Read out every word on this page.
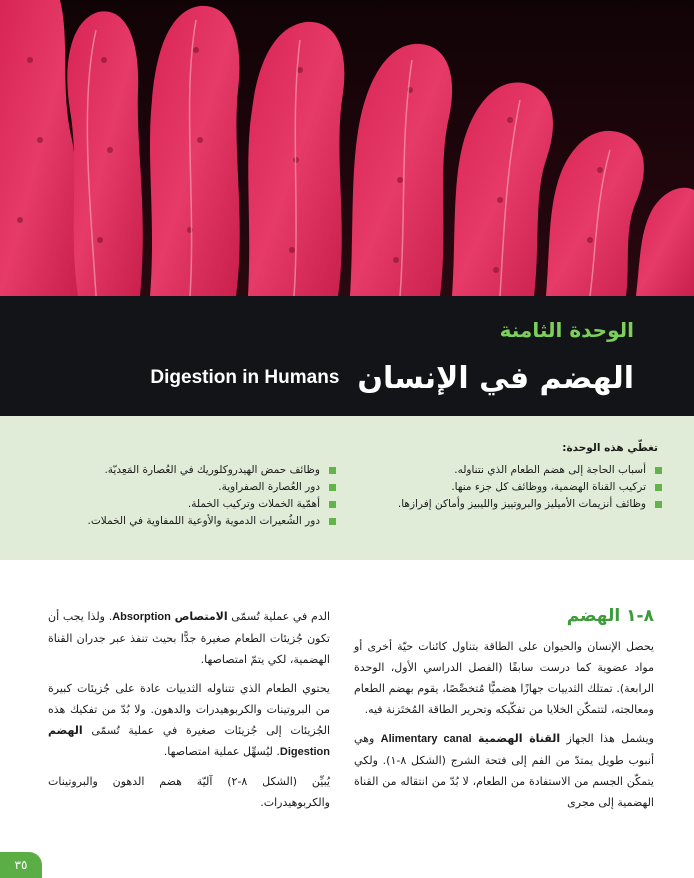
الوحدة الثامنة
الهضم في الإنسان
Digestion in Humans
تغطّي هذه الوحدة:
أسباب الحاجة إلى هضم الطعام الذي نتناوله.
تركيب القناة الهضمية، ووظائف كل جزء منها.
وظائف أنزيمات الأميليز والبروتييز والليبيز وأماكن إفرازها.
وظائف حمض الهيدروكلوريك في العُصارة المَعِديّة.
دور العُصارة الصفراوية.
أهمّية الخملات وتركيب الخملة.
دور الشُعيرات الدموية والأوعية اللمفاوية في الخملات.
٨-١ الهضم

يحصل الإنسان والحيوان على الطاقة بتناول كائنات حيّة أخرى أو مواد عضوية كما درست سابقًا (الفصل الدراسي الأول، الوحدة الرابعة). تمتلك الثدييات جهازًا هضميًّا مُتخصِّصًا، يقوم بهضم الطعام ومعالجته، لتتمكّن الخلايا من تفكّيكه وتحرير الطاقة المُختَزنة فيه.

ويشمل هذا الجهاز القناة الهضمية Alimentary canal وهي أنبوب طويل يمتدّ من الفم إلى فتحة الشرج (الشكل ٨-١). ولكي يتمكّن الجسم من الاستفادة من الطعام، لا بُدّ من انتقاله من القناة الهضمية إلى مجرى

الدم في عملية تُسمّى الامتصاص Absorption. ولذا يجب أن تكون جُزيئات الطعام صغيرة جدًّا بحيث تنفذ عبر جدران القناة الهضمية، لكي يتمّ امتصاصها.

يحتوي الطعام الذي تتناوله الثدييات عادة على جُزيئات كبيرة من البروتينات والكربوهيدرات والدهون. ولا بُدّ من تفكيك هذه الجُزيئات إلى جُزيئات صغيرة في عملية تُسمّى الهضم Digestion. ليُسهِّل عملية امتصاصها.

يُبيِّن (الشكل ٨-٢) آليّة هضم الدهون والبروتينات والكربوهيدرات.

٣٥
